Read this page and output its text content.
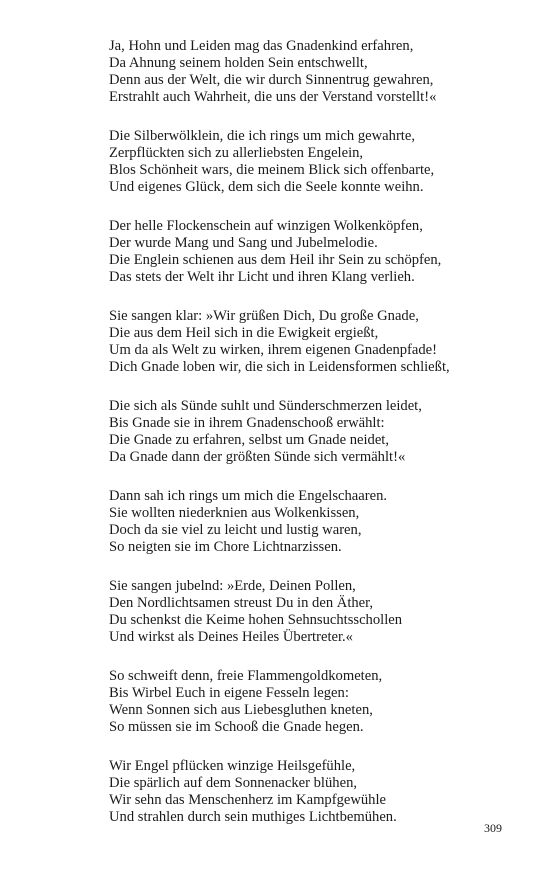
Ja, Hohn und Leiden mag das Gnadenkind erfahren,
Da Ahnung seinem holden Sein entschwellt,
Denn aus der Welt, die wir durch Sinnentrug gewahren,
Erstrahlt auch Wahrheit, die uns der Verstand vorstellt!«
Die Silberwölklein, die ich rings um mich gewahrte,
Zerpflückten sich zu allerliebsten Engelein,
Blos Schönheit wars, die meinem Blick sich offenbarte,
Und eigenes Glück, dem sich die Seele konnte weihn.
Der helle Flockenschein auf winzigen Wolkenköpfen,
Der wurde Mang und Sang und Jubelmelodie.
Die Englein schienen aus dem Heil ihr Sein zu schöpfen,
Das stets der Welt ihr Licht und ihren Klang verlieh.
Sie sangen klar: »Wir grüßen Dich, Du große Gnade,
Die aus dem Heil sich in die Ewigkeit ergießt,
Um da als Welt zu wirken, ihrem eigenen Gnadenpfade!
Dich Gnade loben wir, die sich in Leidensformen schließt,
Die sich als Sünde suhlt und Sünderschmerzen leidet,
Bis Gnade sie in ihrem Gnadenschooß erwählt:
Die Gnade zu erfahren, selbst um Gnade neidet,
Da Gnade dann der größten Sünde sich vermählt!«
Dann sah ich rings um mich die Engelschaaren.
Sie wollten niederknien aus Wolkenkissen,
Doch da sie viel zu leicht und lustig waren,
So neigten sie im Chore Lichtnarzissen.
Sie sangen jubelnd: »Erde, Deinen Pollen,
Den Nordlichtsamen streust Du in den Äther,
Du schenkst die Keime hohen Sehnsuchtsschollen
Und wirkst als Deines Heiles Übertreter.«
So schweift denn, freie Flammengoldkometen,
Bis Wirbel Euch in eigene Fesseln legen:
Wenn Sonnen sich aus Liebesgluthen kneten,
So müssen sie im Schooß die Gnade hegen.
Wir Engel pflücken winzige Heilsgefühle,
Die spärlich auf dem Sonnenacker blühen,
Wir sehn das Menschenherz im Kampfgewühle
Und strahlen durch sein muthiges Lichtbemühen.
309
